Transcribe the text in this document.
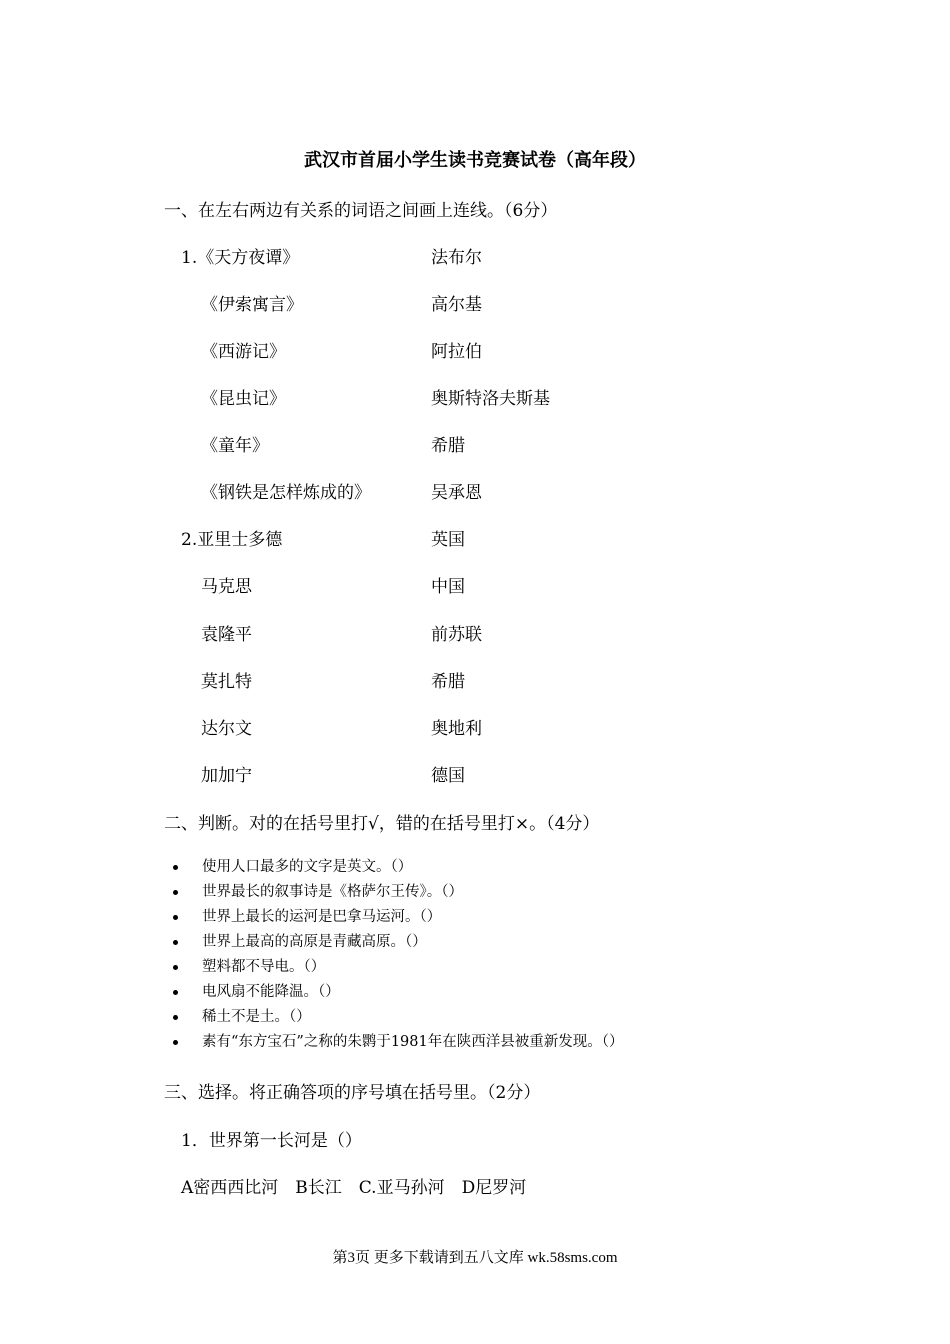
武汉市首届小学生读书竞赛试卷（高年段）
一、在左右两边有关系的词语之间画上连线。（6分）
1.《天方夜谭》	法布尔
《伊索寓言》	高尔基
《西游记》	阿拉伯
《昆虫记》	奥斯特洛夫斯基
《童年》	希腊
《钢铁是怎样炼成的》	吴承恩
2.亚里士多德	英国
马克思	中国
袁隆平	前苏联
莫扎特	希腊
达尔文	奥地利
加加宁	德国
二、判断。对的在括号里打√，错的在括号里打×。（4分）
使用人口最多的文字是英文。（）
世界最长的叙事诗是《格萨尔王传》。（）
世界上最长的运河是巴拿马运河。（）
世界上最高的高原是青藏高原。（）
塑料都不导电。（）
电风扇不能降温。（）
稀土不是土。（）
素有“东方宝石”之称的朱鹮于1981年在陕西洋县被重新发现。（）
三、选择。将正确答项的序号填在括号里。（2分）
1．世界第一长河是（）
A密西西比河　B长江　C.亚马孙河　D尼罗河
第3页 更多下载请到五八文库 wk.58sms.com
